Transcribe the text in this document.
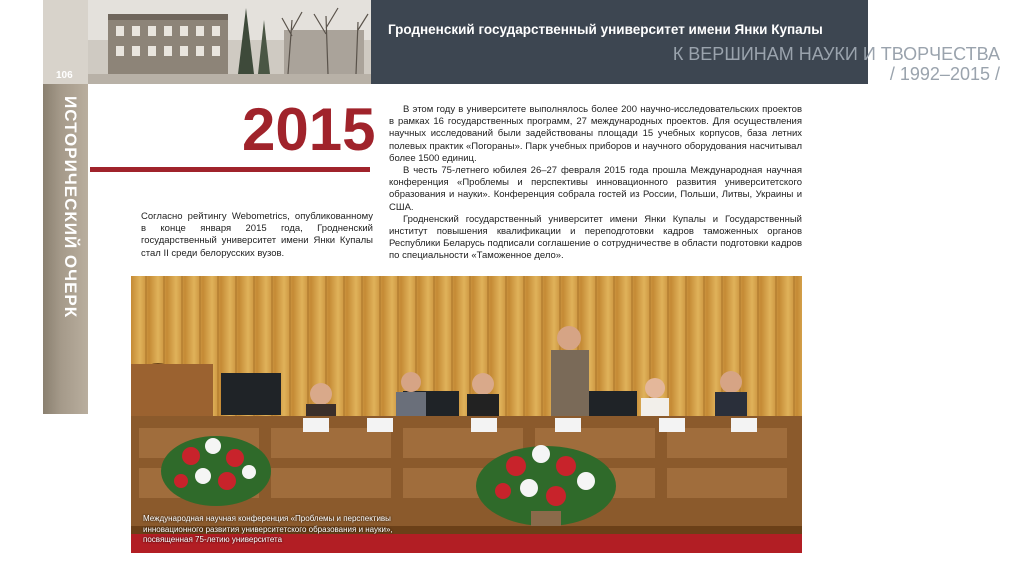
Гродненский государственный университет имени Янки Купалы
К ВЕРШИНАМ НАУКИ И ТВОРЧЕСТВА
/ 1992–2015 /
106
ИСТОРИЧЕСКИЙ ОЧЕРК	2015
Согласно рейтингу Webometrics, опубликованному в конце января 2015 года, Гродненский государственный университет имени Янки Купалы стал II среди белорусских вузов.

В этом году в университете выполнялось более 200 научно-исследовательских проектов в рамках 16 государственных программ, 27 международных проектов. Для осуществления научных исследований были задействованы площади 15 учебных корпусов, база летних полевых практик «Погораны». Парк учебных приборов и научного оборудования насчитывал более 1500 единиц.

В честь 75-летнего юбилея 26–27 февраля 2015 года прошла Международная научная конференция «Проблемы и перспективы инновационного развития университетского образования и науки». Конференция собрала гостей из России, Польши, Литвы, Украины и США.

Гродненский государственный университет имени Янки Купалы и Государственный институт повышения квалификации и переподготовки кадров таможенных органов Республики Беларусь подписали соглашение о сотрудничестве в области подготовки кадров по специальности «Таможенное дело».

Международная научная конференция «Проблемы и перспективы инновационного развития университетского образования и науки», посвященная 75-летию университета
